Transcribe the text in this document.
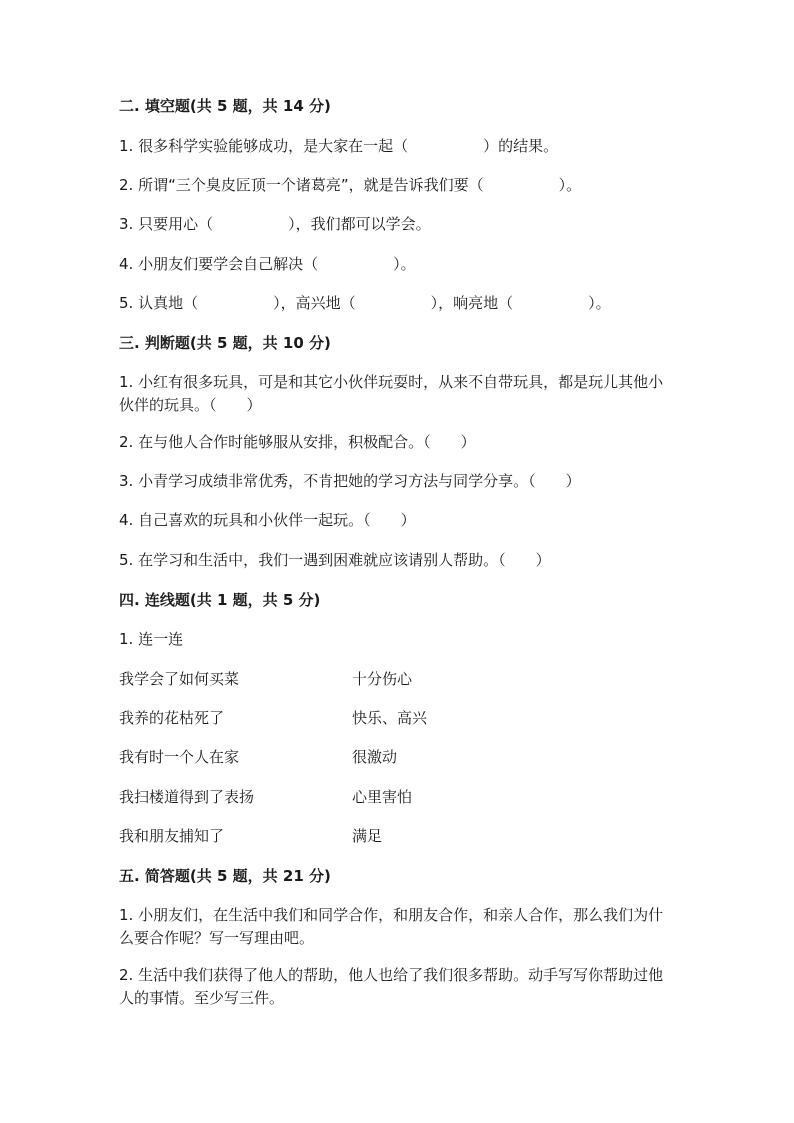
二. 填空题(共 5 题，共 14 分)
1. 很多科学实验能够成功，是大家在一起（　　　　　）的结果。
2. 所谓“三个臭皮匠顶一个诸葛亮”，就是告诉我们要（　　　　　）。
3. 只要用心（　　　　　），我们都可以学会。
4. 小朋友们要学会自己解决（　　　　　）。
5. 认真地（　　　　　），高兴地（　　　　　），响亮地（　　　　　）。
三. 判断题(共 5 题，共 10 分)
1. 小红有很多玩具，可是和其它小伙伴玩耍时，从来不自带玩具，都是玩儿其他小伙伴的玩具。（　　）
2. 在与他人合作时能够服从安排，积极配合。（　　）
3. 小青学习成绩非常优秀，不肯把她的学习方法与同学分享。（　　）
4. 自己喜欢的玩具和小伙伴一起玩。（　　）
5. 在学习和生活中，我们一遇到困难就应该请别人帮助。（　　）
四. 连线题(共 1 题，共 5 分)
1. 连一连
我学会了如何买菜	十分伤心
我养的花枯死了	快乐、高兴
我有时一个人在家	很激动
我扫楼道得到了表扬	心里害怕
我和朋友捕知了	满足
五. 简答题(共 5 题，共 21 分)
1. 小朋友们，在生活中我们和同学合作，和朋友合作，和亲人合作，那么我们为什么要合作呢？写一写理由吧。
2. 生活中我们获得了他人的帮助，他人也给了我们很多帮助。动手写写你帮助过他人的事情。至少写三件。
